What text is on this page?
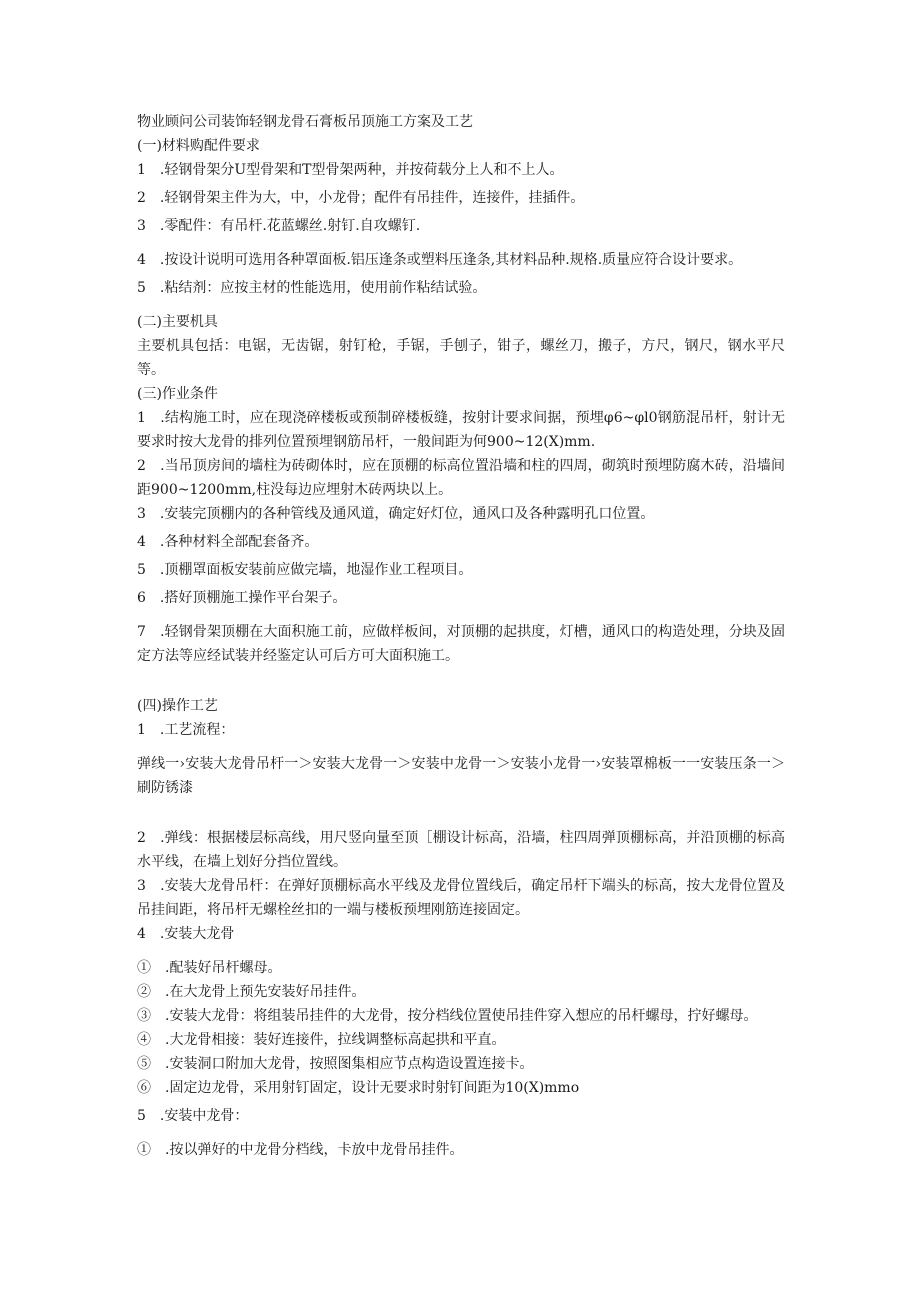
物业顾问公司装饰轻钢龙骨石膏板吊顶施工方案及工艺
(一)材料购配件要求
1　.轻钢骨架分U型骨架和T型骨架两种，并按荷载分上人和不上人。
2　.轻钢骨架主件为大，中，小龙骨；配件有吊挂件，连接件，挂插件。
3　.零配件：有吊杆.花蓝螺丝.射钉.自攻螺钉.
4　.按设计说明可选用各种罩面板.铝压逢条或塑料压逢条,其材料品种.规格.质量应符合设计要求。
5　.粘结剂：应按主材的性能选用，使用前作粘结试验。
(二)主要机具
主要机具包括：电锯，无齿锯，射钉枪，手锯，手刨子，钳子，螺丝刀，搬子，方尺，钢尺，钢水平尺等。
(三)作业条件
1　.结构施工时，应在现浇碎楼板或预制碎楼板缝，按射计要求间据，预埋φ6~φl0钢筋混吊杆，射计无要求时按大龙骨的排列位置预埋钢筋吊杆，一般间距为何900~12(X)mm.
2　.当吊顶房间的墙柱为砖砌体时，应在顶棚的标高位置沿墙和柱的四周，砌筑时预埋防腐木砖，沿墙间距900~1200mm,柱没每边应埋射木砖两块以上。
3　.安装完顶棚内的各种管线及通风道，确定好灯位，通风口及各种露明孔口位置。
4　.各种材料全部配套备齐。
5　.顶棚罩面板安装前应做完墙，地湿作业工程项目。
6　.搭好顶棚施工操作平台架子。
7　.轻钢骨架顶棚在大面积施工前，应做样板间，对顶棚的起拱度，灯槽，通风口的构造处理，分块及固定方法等应经试装并经鉴定认可后方可大面积施工。
(四)操作工艺
1　.工艺流程：
弹线一›安装大龙骨吊杆一＞安装大龙骨一＞安装中龙骨一＞安装小龙骨一›安装罩棉板一一安装压条一＞刷防锈漆
2　.弹线：根据楼层标高线，用尺竖向量至顶［棚设计标高，沿墙，柱四周弹顶棚标高，并沿顶棚的标高水平线，在墙上划好分挡位置线。
3　.安装大龙骨吊杆：在弹好顶棚标高水平线及龙骨位置线后，确定吊杆下端头的标高，按大龙骨位置及吊挂间距，将吊杆无螺栓丝扣的一端与楼板预埋刚筋连接固定。
4　.安装大龙骨
①　.配装好吊杆螺母。
②　.在大龙骨上预先安装好吊挂件。
③　.安装大龙骨：将组装吊挂件的大龙骨，按分档线位置使吊挂件穿入想应的吊杆螺母，拧好螺母。
④　.大龙骨相接：装好连接件，拉线调整标高起拱和平直。
⑤　.安装洞口附加大龙骨，按照图集相应节点构造设置连接卡。
⑥　.固定边龙骨，采用射钉固定，设计无要求时射钉间距为10(X)mmo
5　.安装中龙骨：
①　.按以弹好的中龙骨分档线，卡放中龙骨吊挂件。
